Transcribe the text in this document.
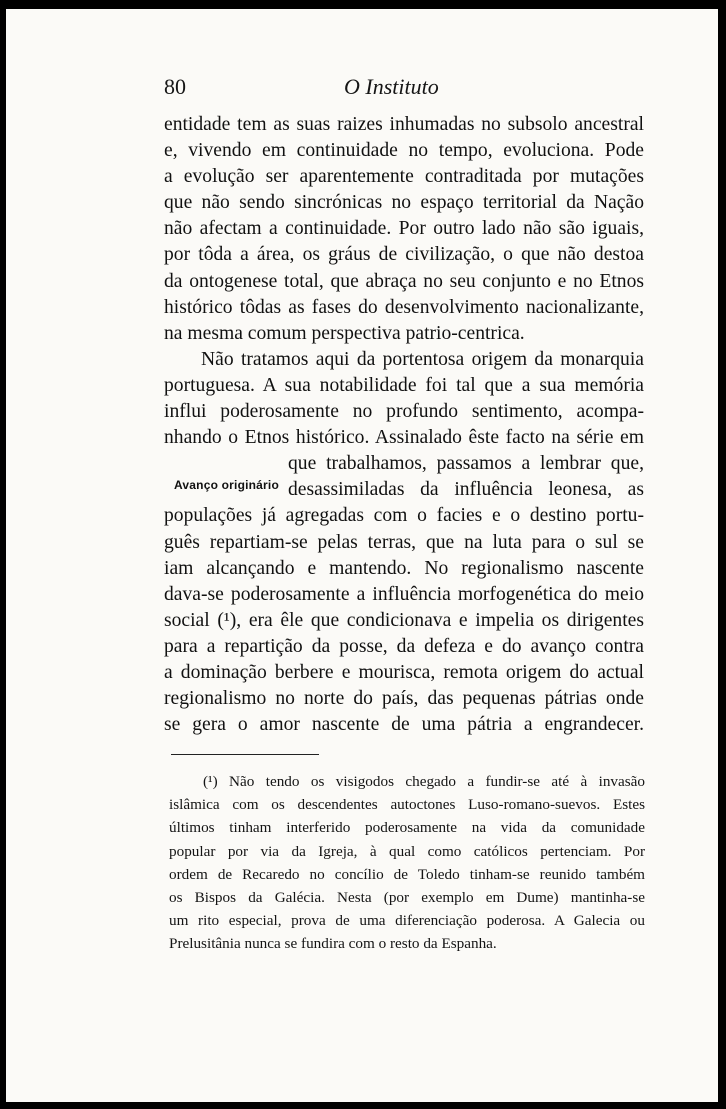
80	O Instituto
entidade tem as suas raizes inhumadas no subsolo ancestral
e, vivendo em continuidade no tempo, evoluciona. Pode
a evolução ser aparentemente contraditada por mutações
que não sendo sincrónicas no espaço territorial da Nação
não afectam a continuidade. Por outro lado não são iguais,
por tôda a área, os gráus de civilização, o que não destoa
da ontogenese total, que abraça no seu conjunto e no Etnos
histórico tôdas as fases do desenvolvimento nacionalizante,
na mesma comum perspectiva patrio-centrica.
Não tratamos aqui da portentosa origem da monarquia
portuguesa. A sua notabilidade foi tal que a sua memória
influi poderosamente no profundo sentimento, acompa-
nhando o Etnos histórico. Assinalado êste facto na série em
que trabalhamos, passamos a lembrar que,
desassimiladas da influência leonesa, as
populações já agregadas com o facies e o destino portu-
guês repartiam-se pelas terras, que na luta para o sul se
iam alcançando e mantendo. No regionalismo nascente
dava-se poderosamente a influência morfogenética do meio
social (¹), era êle que condicionava e impelia os dirigentes
para a repartição da posse, da defeza e do avanço contra
a dominação berbere e mourisca, remota origem do actual
regionalismo no norte do país, das pequenas pátrias onde
se gera o amor nascente de uma pátria a engrandecer.
Avanço originário
(¹) Não tendo os visigodos chegado a fundir-se até à invasão
islâmica com os descendentes autoctones Luso-romano-suevos. Estes
últimos tinham interferido poderosamente na vida da comunidade
popular por via da Igreja, à qual como católicos pertenciam. Por
ordem de Recaredo no concílio de Toledo tinham-se reunido também
os Bispos da Galécia. Nesta (por exemplo em Dume) mantinha-se
um rito especial, prova de uma diferenciação poderosa. A Galecia ou
Prelusitânia nunca se fundira com o resto da Espanha.
